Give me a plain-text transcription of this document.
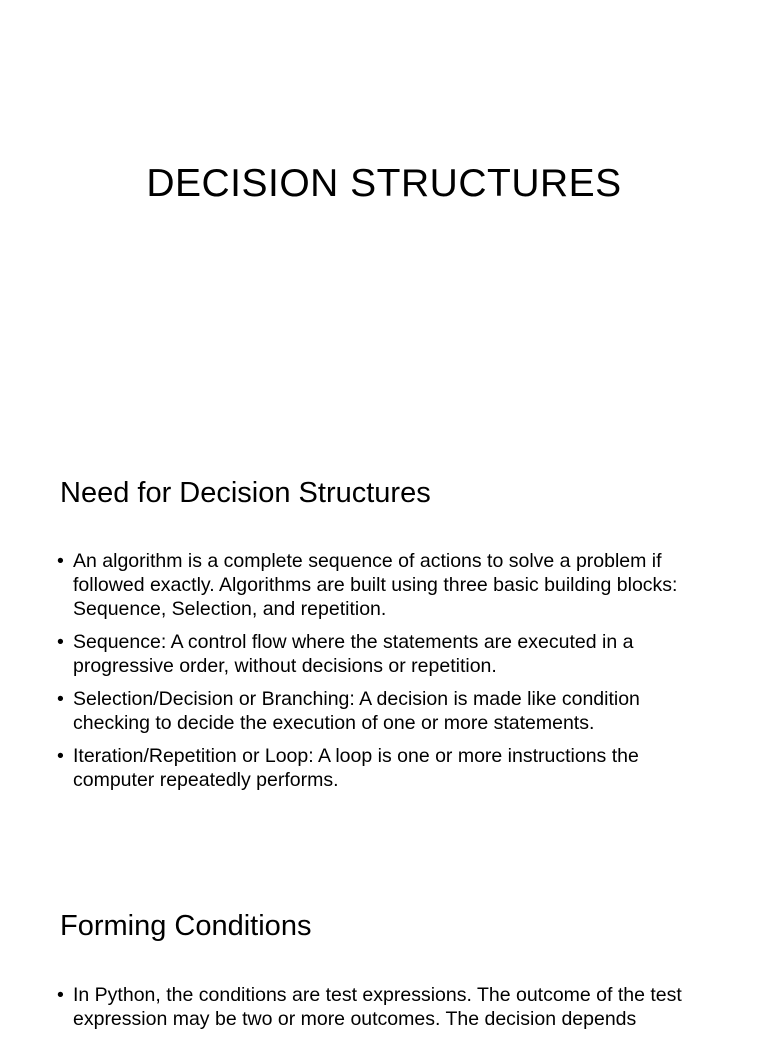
DECISION STRUCTURES
Need for Decision Structures
• An algorithm is a complete sequence of actions to solve a problem if followed exactly. Algorithms are built using three basic building blocks: Sequence, Selection, and repetition.
• Sequence: A control flow where the statements are executed in a progressive order, without decisions or repetition.
• Selection/Decision or Branching: A decision is made like condition checking to decide the execution of one or more statements.
• Iteration/Repetition or Loop: A loop is one or more instructions the computer repeatedly performs.
Forming Conditions
• In Python, the conditions are test expressions. The outcome of the test expression may be two or more outcomes. The decision depends
